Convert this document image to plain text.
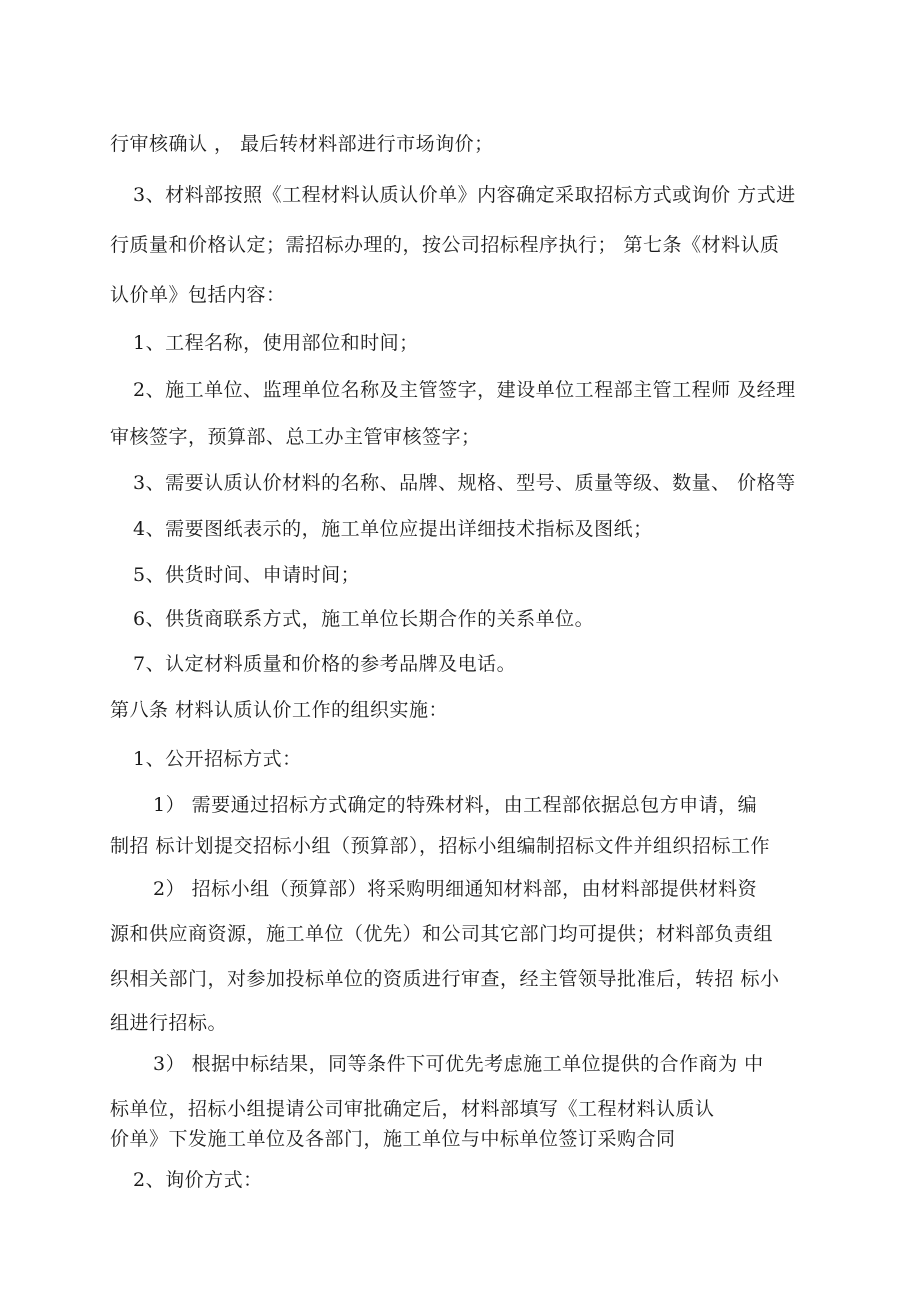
行审核确认 ， 最后转材料部进行市场询价；
3、材料部按照《工程材料认质认价单》内容确定采取招标方式或询价 方式进
行质量和价格认定；需招标办理的，按公司招标程序执行； 第七条《材料认质
认价单》包括内容：
1、工程名称，使用部位和时间；
2、施工单位、监理单位名称及主管签字，建设单位工程部主管工程师 及经理
审核签字，预算部、总工办主管审核签字；
3、需要认质认价材料的名称、品牌、规格、型号、质量等级、数量、 价格等
4、需要图纸表示的，施工单位应提出详细技术指标及图纸；
5、供货时间、申请时间；
6、供货商联系方式，施工单位长期合作的关系单位。
7、认定材料质量和价格的参考品牌及电话。
第八条 材料认质认价工作的组织实施：
1、公开招标方式：
1） 需要通过招标方式确定的特殊材料，由工程部依据总包方申请，编
制招 标计划提交招标小组（预算部），招标小组编制招标文件并组织招标工作
2） 招标小组（预算部）将采购明细通知材料部，由材料部提供材料资
源和供应商资源，施工单位（优先）和公司其它部门均可提供；材料部负责组
织相关部门，对参加投标单位的资质进行审查，经主管领导批准后，转招 标小
组进行招标。
3） 根据中标结果，同等条件下可优先考虑施工单位提供的合作商为 中
标单位，招标小组提请公司审批确定后，材料部填写《工程材料认质认
价单》下发施工单位及各部门，施工单位与中标单位签订采购合同
2、询价方式：
